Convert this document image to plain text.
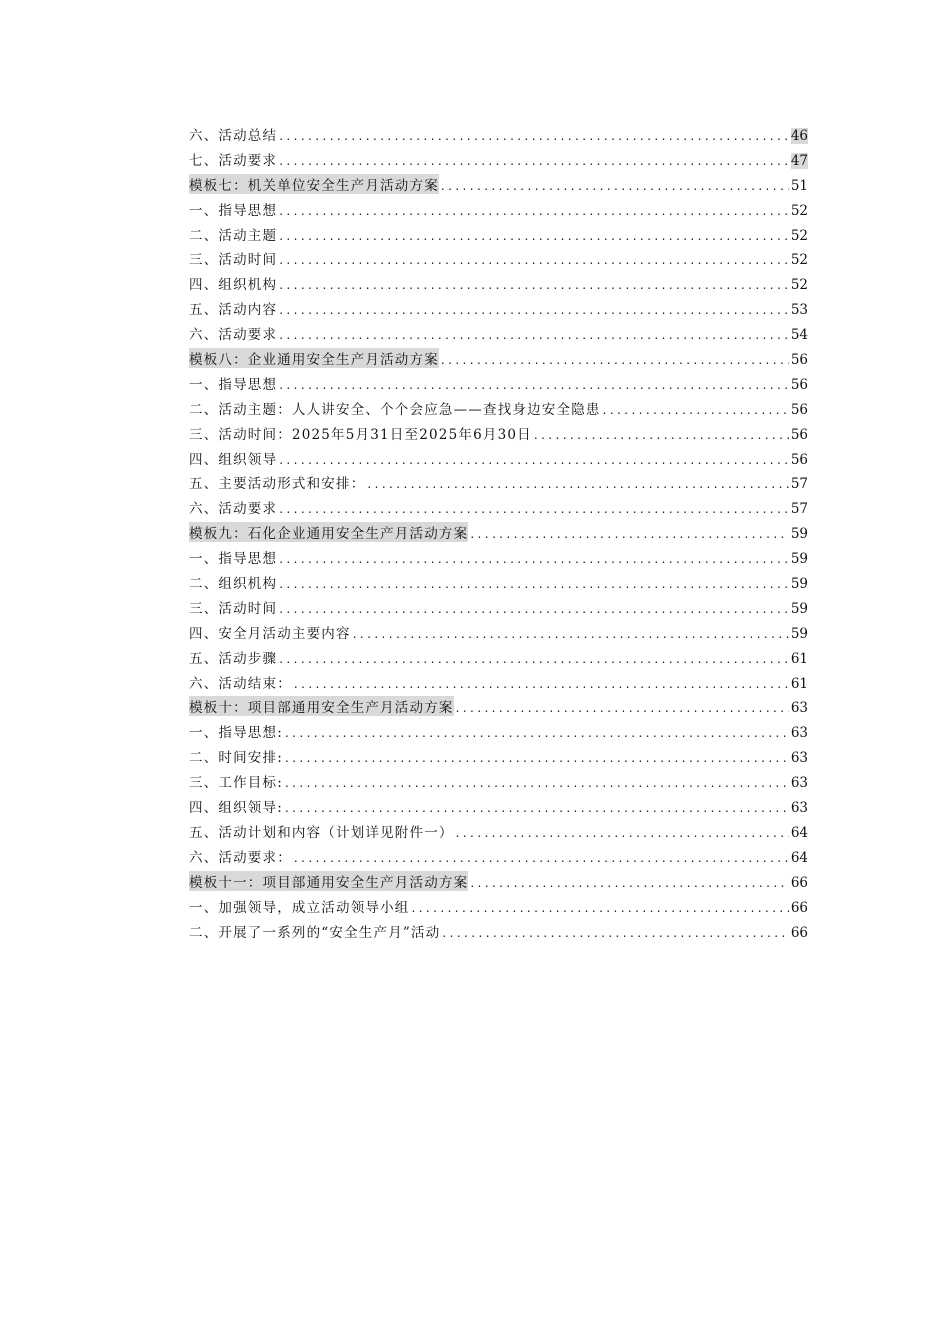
六、活动总结 .....	46
七、活动要求 .....	47
模板七：机关单位安全生产月活动方案 .....	51
一、指导思想 .....	52
二、活动主题 .....	52
三、活动时间 .....	52
四、组织机构 .....	52
五、活动内容 .....	53
六、活动要求 .....	54
模板八：企业通用安全生产月活动方案 .....	56
一、指导思想 .....	56
二、活动主题：人人讲安全、个个会应急——查找身边安全隐患 .....	56
三、活动时间：2025年5月31日至2025年6月30日 .....	56
四、组织领导 .....	56
五、主要活动形式和安排： .....	57
六、活动要求 .....	57
模板九：石化企业通用安全生产月活动方案 .....	59
一、指导思想 .....	59
二、组织机构 .....	59
三、活动时间 .....	59
四、安全月活动主要内容 .....	59
五、活动步骤 .....	61
六、活动结束： .....	61
模板十：项目部通用安全生产月活动方案 .....	63
一、指导思想: .....	63
二、时间安排: .....	63
三、工作目标: .....	63
四、组织领导: .....	63
五、活动计划和内容（计划详见附件一） .....	64
六、活动要求： .....	64
模板十一：项目部通用安全生产月活动方案 .....	66
一、加强领导，成立活动领导小组 .....	66
二、开展了一系列的“安全生产月”活动 .....	66
